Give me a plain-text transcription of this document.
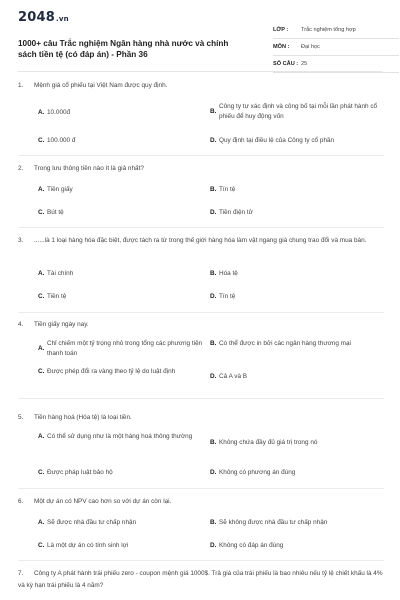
2048.vn
1000+ câu Trắc nghiệm Ngân hàng nhà nước và chính sách tiền tệ (có đáp án) - Phần 36
LỚP :	Trắc nghiệm tổng hợp
MÔN :	Đại học
SỐ CÂU : 25
1. Mệnh giá cổ phiếu tại Việt Nam được quy định.
A. 10.000đ	B.
Công ty tự xác định và công bố tại mỗi lần phát hành cổ phiếu để huy động vốn
C. 100.000 đ	D. Quy định tại điều lệ của Công ty cổ phần
2. Trong lưu thông tiền nào ít là giả nhất?
A. Tiền giấy	B. Tín tệ
C. Bút tệ	D. Tiền điện tử
3. ......là 1 loại hàng hóa đặc biệt, được tách ra từ trong thế giới hàng hóa làm vật ngang giá chung trao đổi và mua bán.
A. Tài chính	B. Hóa tệ
C. Tiền tệ	D. Tín tệ
4. Tiền giấy ngày nay.
A.
Chỉ chiếm một tỷ trọng nhỏ trong tổng các phương tiện thanh toán
B. Có thể được in bởi các ngân hàng thương mại
C. Được phép đổi ra vàng theo tỷ lệ do luật định
D. Cả A và B
5. Tiền hàng hoá (Hóa tệ) là loại tiền.
A. Có thể sử dụng như là một hàng hoá thông thường
B. Không chứa đầy đủ giá trị trong nó
C. Được pháp luật bảo hộ	D. Không có phương án đúng
6. Một dự án có NPV cao hơn so với dự án còn lại.
A. Sẽ được nhà đầu tư chấp nhận	B. Sẽ không được nhà đầu tư chấp nhận
C. Là một dự án có tính sinh lợi	D. Không có đáp án đúng
7. Công ty A phát hành trái phiếu zero - coupon mệnh giá 1000$. Trả giá của trái phiếu là bao nhiêu nếu tỷ lệ chiết khấu là 4% và kỳ hạn trái phiếu là 4 năm?
